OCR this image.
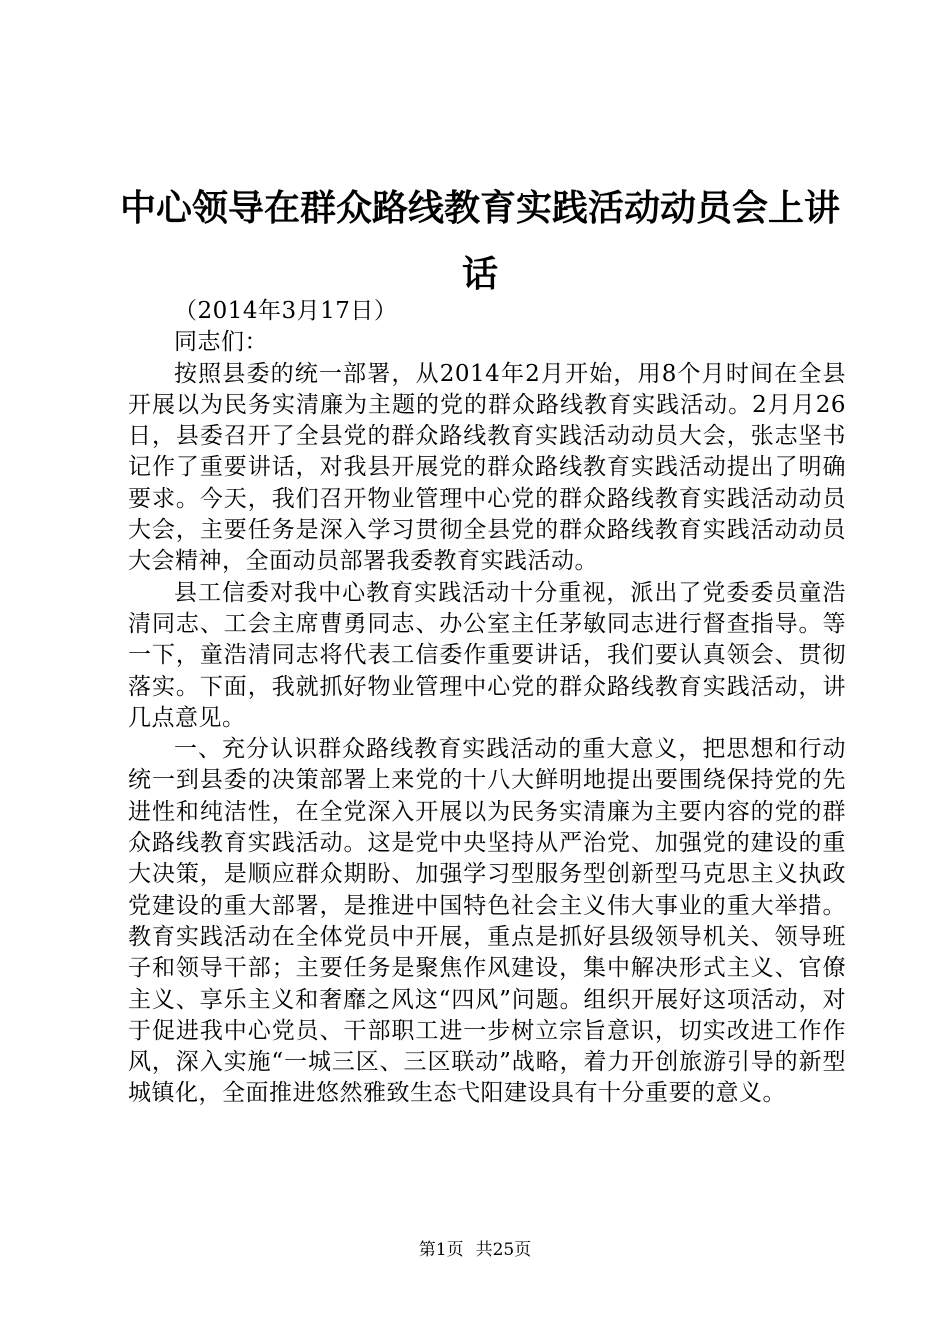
中心领导在群众路线教育实践活动动员会上讲话

（2014年3月17日）

同志们：

按照县委的统一部署，从2014年2月开始，用8个月时间在全县开展以为民务实清廉为主题的党的群众路线教育实践活动。2月月26日，县委召开了全县党的群众路线教育实践活动动员大会，张志坚书记作了重要讲话，对我县开展党的群众路线教育实践活动提出了明确要求。今天，我们召开物业管理中心党的群众路线教育实践活动动员大会，主要任务是深入学习贯彻全县党的群众路线教育实践活动动员大会精神，全面动员部署我委教育实践活动。

县工信委对我中心教育实践活动十分重视，派出了党委委员童浩清同志、工会主席曹勇同志、办公室主任茅敏同志进行督查指导。等一下，童浩清同志将代表工信委作重要讲话，我们要认真领会、贯彻落实。下面，我就抓好物业管理中心党的群众路线教育实践活动，讲几点意见。

一、充分认识群众路线教育实践活动的重大意义，把思想和行动统一到县委的决策部署上来党的十八大鲜明地提出要围绕保持党的先进性和纯洁性，在全党深入开展以为民务实清廉为主要内容的党的群众路线教育实践活动。这是党中央坚持从严治党、加强党的建设的重大决策，是顺应群众期盼、加强学习型服务型创新型马克思主义执政党建设的重大部署，是推进中国特色社会主义伟大事业的重大举措。教育实践活动在全体党员中开展，重点是抓好县级领导机关、领导班子和领导干部；主要任务是聚焦作风建设，集中解决形式主义、官僚主义、享乐主义和奢靡之风这“四风”问题。组织开展好这项活动，对于促进我中心党员、干部职工进一步树立宗旨意识，切实改进工作作风，深入实施“一城三区、三区联动”战略，着力开创旅游引导的新型城镇化，全面推进悠然雅致生态弋阳建设具有十分重要的意义。

第1页 共25页
